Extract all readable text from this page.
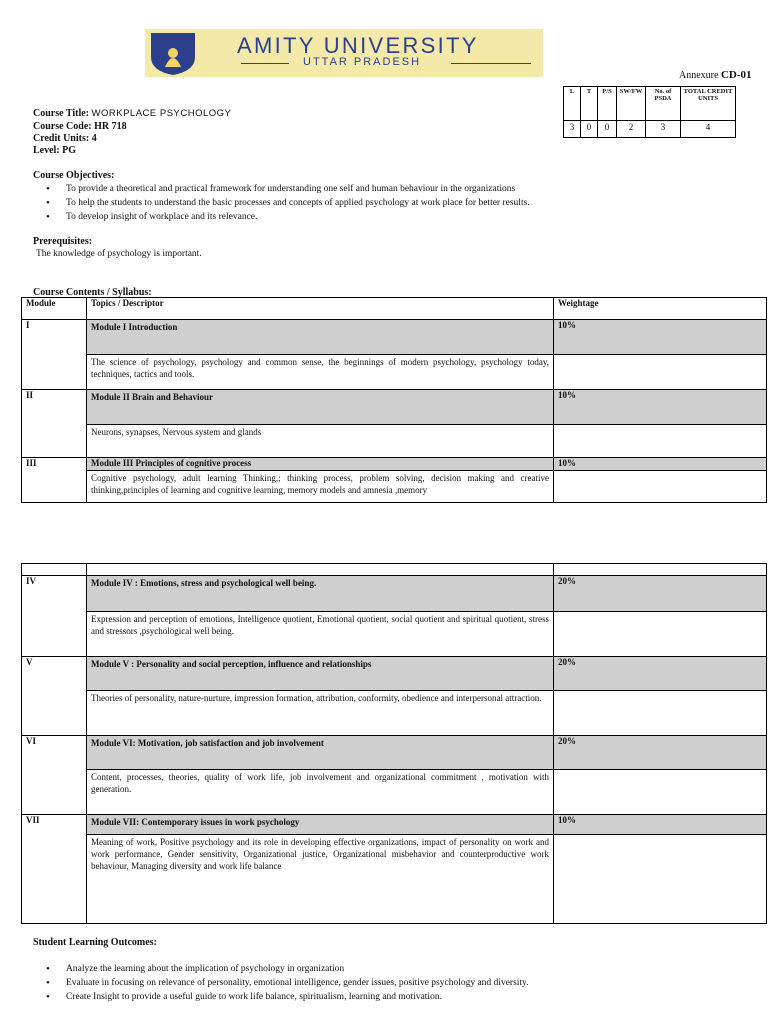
AMITY UNIVERSITY
UTTAR PRADESH
Annexure CD-01
L	T	P/S	SW/FW	No. of PSDA	TOTAL CREDIT UNITS
3	0	0	2	3	4
Course Title: WORKPLACE PSYCHOLOGY
Course Code: HR 718
Credit Units: 4
Level: PG
Course Objectives:
• To provide a theoretical and practical framework for understanding one self and human behaviour in the organizations
• To help the students to understand the basic processes and concepts of applied psychology at work place for better results.
• To develop insight of workplace and its relevance.
Prerequisites:
The knowledge of psychology is important.
Course Contents / Syllabus:
Module	Topics / Descriptor	Weightage
I	Module I Introduction	10%

	The science of psychology, psychology and common sense, the beginnings of modern psychology, psychology today, techniques, tactics and tools.	

II	Module II Brain and Behaviour	10%

	Neurons, synapses, Nervous system and glands	

III	Module III Principles of cognitive process	10%

	Cognitive psychology, adult learning Thinking,; thinking process, problem solving, decision making and creative thinking,principles of learning and cognitive learning, memory models and amnesia ,memory	

IV	Module IV : Emotions, stress and psychological well being.	20%

	Expression and perception of emotions, Intelligence quotient, Emotional quotient, social quotient and spiritual quotient, stress and stressors ,psychological well being.	

V	Module V : Personality and social perception, influence and relationships	20%

	Theories of personality, nature-nurture, impression formation, attribution, conformity, obedience and interpersonal attraction.	

VI	Module VI: Motivation, job satisfaction and job involvement	20%

	Content, processes, theories, quality of work life, job involvement and organizational commitment , motivation with generation.	

VII	Module VII: Contemporary issues in work psychology	10%

	Meaning of work, Positive psychology and its role in developing effective organizations, impact of personality on work and work performance, Gender sensitivity, Organizational justice, Organizational misbehavior and counterproductive work behaviour, Managing diversity and work life balance	

Student Learning Outcomes:
• Analyze the learning about the implication of psychology in organization
• Evaluate in focusing on relevance of personality, emotional intelligence, gender issues, positive psychology and diversity.
• Create Insight to provide a useful guide to work life balance, spiritualism, learning and motivation.
